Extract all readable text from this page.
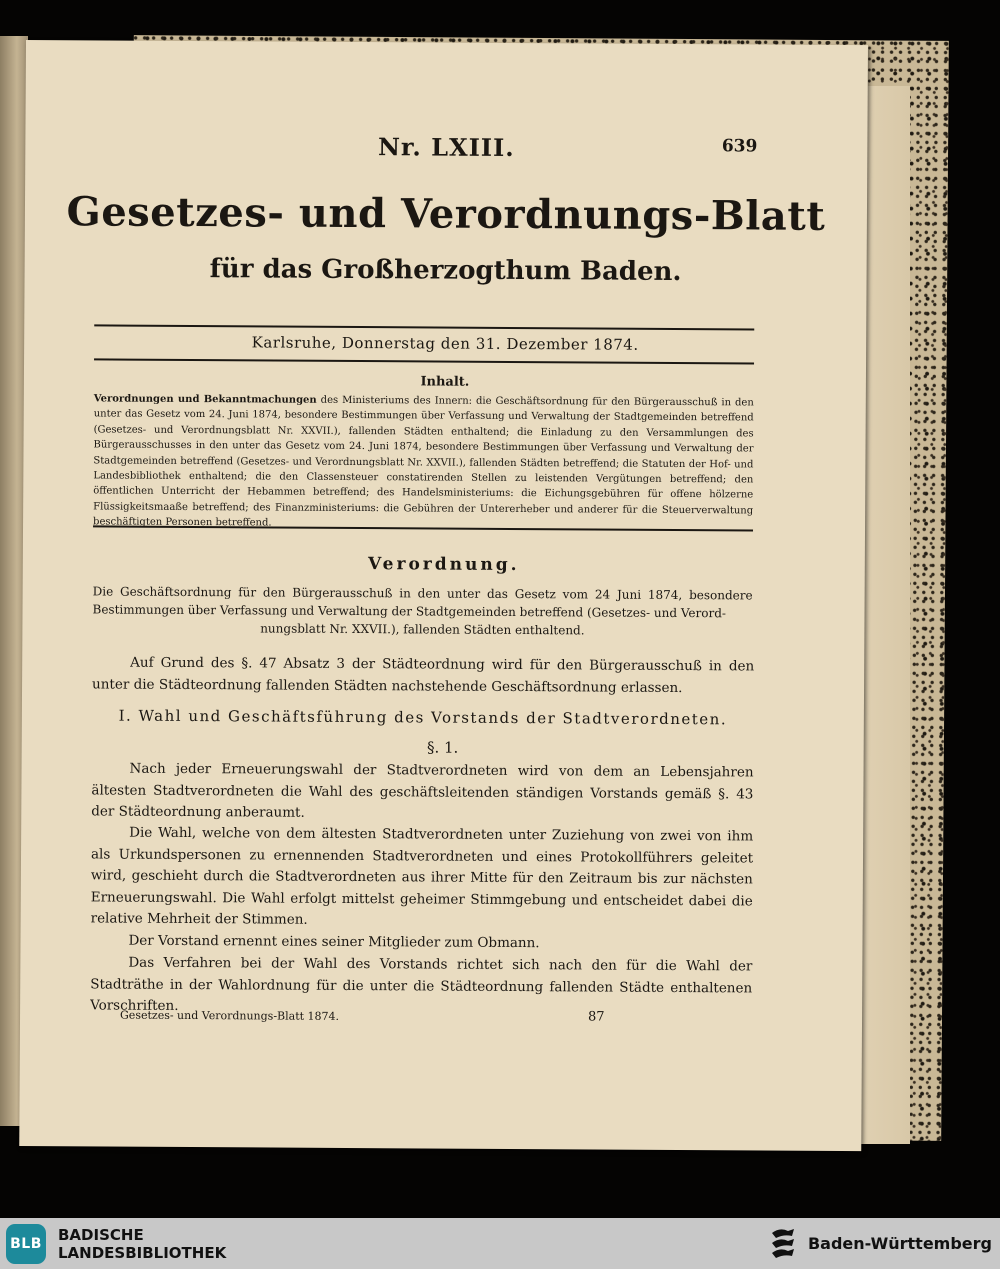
639
Nr. LXIII.
Gesetzes- und Verordnungs-Blatt
für das Großherzogthum Baden.
Karlsruhe, Donnerstag den 31. Dezember 1874.
Inhalt.
Verordnungen und Bekanntmachungen des Ministeriums des Innern: die Geschäftsordnung für den Bürgerausschuß in den unter das Gesetz vom 24. Juni 1874, besondere Bestimmungen über Verfassung und Verwaltung der Stadtgemeinden betreffend (Gesetzes- und Verordnungsblatt Nr. XXVII.), fallenden Städten enthaltend; die Einladung zu den Versammlungen des Bürgerausschusses in den unter das Gesetz vom 24. Juni 1874, besondere Bestimmungen über Verfassung und Verwaltung der Stadtgemeinden betreffend (Gesetzes- und Verordnungsblatt Nr. XXVII.), fallenden Städten betreffend; die Statuten der Hof- und Landesbibliothek enthaltend; die den Classensteuer constatirenden Stellen zu leistenden Vergütungen betreffend; den öffentlichen Unterricht der Hebammen betreffend; des Handelsministeriums: die Eichungsgebühren für offene hölzerne Flüssigkeitsmaaße betreffend; des Finanzministeriums: die Gebühren der Untererheber und anderer für die Steuerverwaltung beschäftigten Personen betreffend.
Verordnung.
Die Geschäftsordnung für den Bürgerausschuß in den unter das Gesetz vom 24 Juni 1874, besondere Bestimmungen über Verfassung und Verwaltung der Stadtgemeinden betreffend (Gesetzes- und Verord-
nungsblatt Nr. XXVII.), fallenden Städten enthaltend.
Auf Grund des §. 47 Absatz 3 der Städteordnung wird für den Bürgerausschuß in den unter die Städteordnung fallenden Städten nachstehende Geschäftsordnung erlassen.
I. Wahl und Geschäftsführung des Vorstands der Stadtverordneten.
§. 1.
Nach jeder Erneuerungswahl der Stadtverordneten wird von dem an Lebensjahren ältesten Stadtverordneten die Wahl des geschäftsleitenden ständigen Vorstands gemäß §. 43 der Städteordnung anberaumt.
Die Wahl, welche von dem ältesten Stadtverordneten unter Zuziehung von zwei von ihm als Urkundspersonen zu ernennenden Stadtverordneten und eines Protokollführers geleitet wird, geschieht durch die Stadtverordneten aus ihrer Mitte für den Zeitraum bis zur nächsten Erneuerungswahl. Die Wahl erfolgt mittelst geheimer Stimmgebung und entscheidet dabei die relative Mehrheit der Stimmen.
Der Vorstand ernennt eines seiner Mitglieder zum Obmann.
Das Verfahren bei der Wahl des Vorstands richtet sich nach den für die Wahl der Stadträthe in der Wahlordnung für die unter die Städteordnung fallenden Städte enthaltenen Vorschriften.
Gesetzes- und Verordnungs-Blatt 1874.	87
BLB BADISCHE
LANDESBIBLIOTHEK	Baden-Württemberg
